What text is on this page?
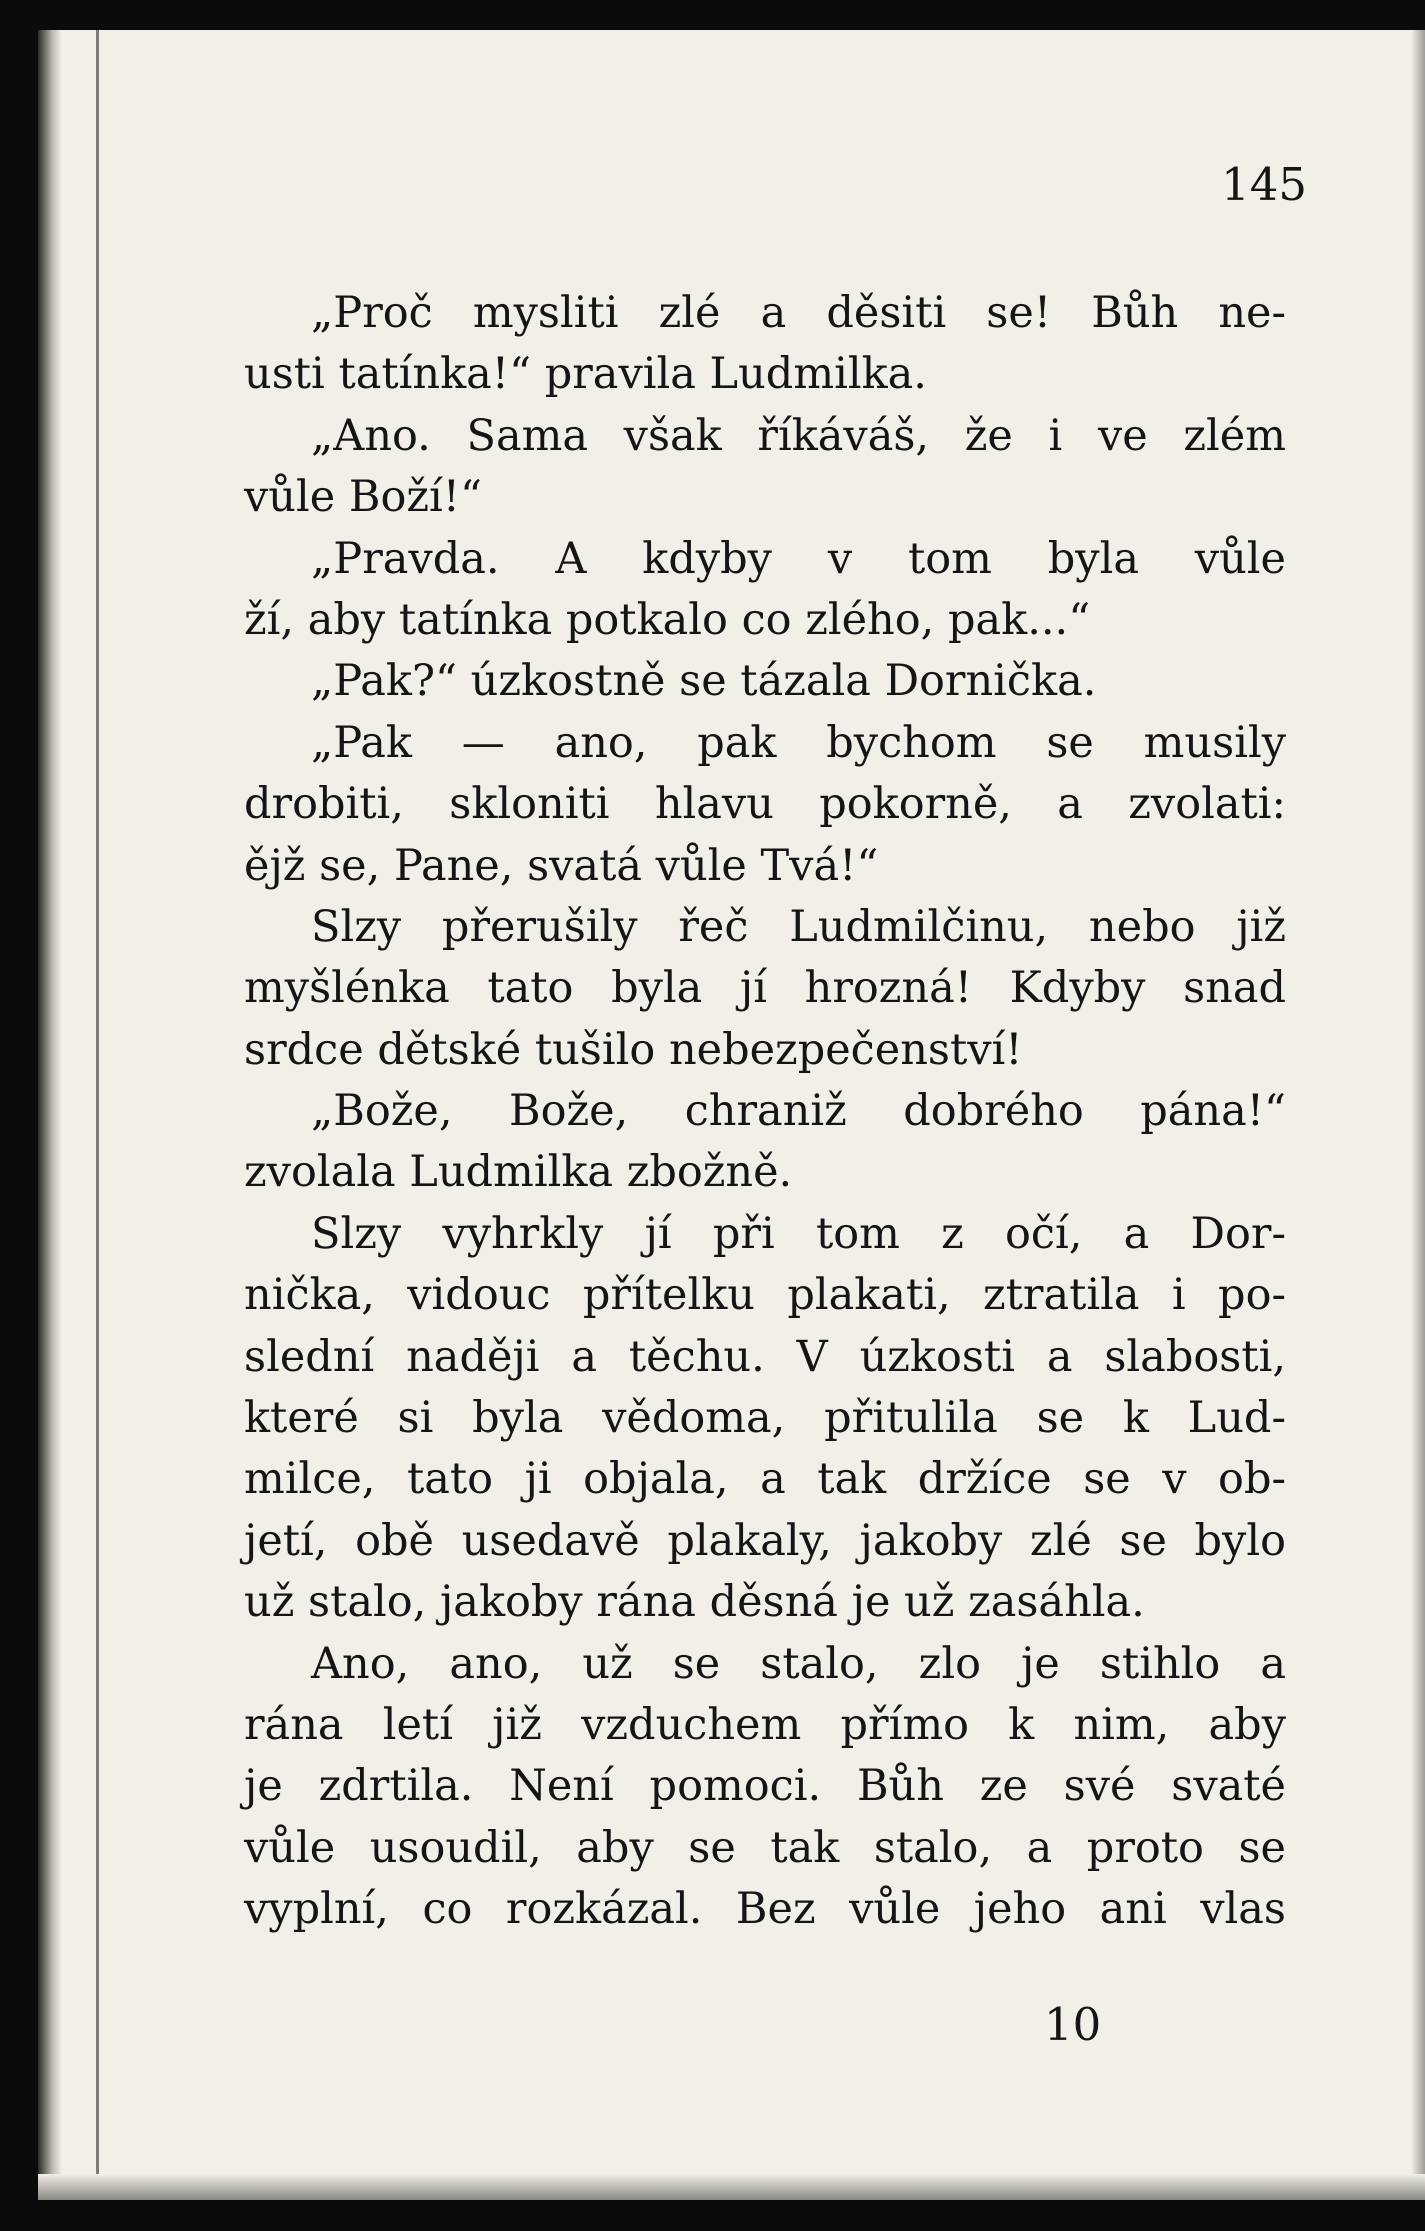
145
„Proč mysliti zlé a děsiti se! Bůh ne-
usti tatínka!“ pravila Ludmilka.
„Ano. Sama však říkáváš, že i ve zlém
vůle Boží!“
„Pravda. A kdyby v tom byla vůle
ží, aby tatínka potkalo co zlého, pak...“
„Pak?“ úzkostně se tázala Dornička.
„Pak — ano, pak bychom se musily
drobiti, skloniti hlavu pokorně, a zvolati:
ějž se, Pane, svatá vůle Tvá!“
Slzy přerušily řeč Ludmilčinu, nebo již
myšlénka tato byla jí hrozná! Kdyby snad
srdce dětské tušilo nebezpečenství!
„Bože, Bože, chraniž dobrého pána!“
zvolala Ludmilka zbožně.
Slzy vyhrkly jí při tom z očí, a Dor-
nička, vidouc přítelku plakati, ztratila i po-
slední naději a těchu. V úzkosti a slabosti,
které si byla vědoma, přitulila se k Lud-
milce, tato ji objala, a tak držíce se v ob-
jetí, obě usedavě plakaly, jakoby zlé se bylo
už stalo, jakoby rána děsná je už zasáhla.
Ano, ano, už se stalo, zlo je stihlo a
rána letí již vzduchem přímo k nim, aby
je zdrtila. Není pomoci. Bůh ze své svaté
vůle usoudil, aby se tak stalo, a proto se
vyplní, co rozkázal. Bez vůle jeho ani vlas
10
